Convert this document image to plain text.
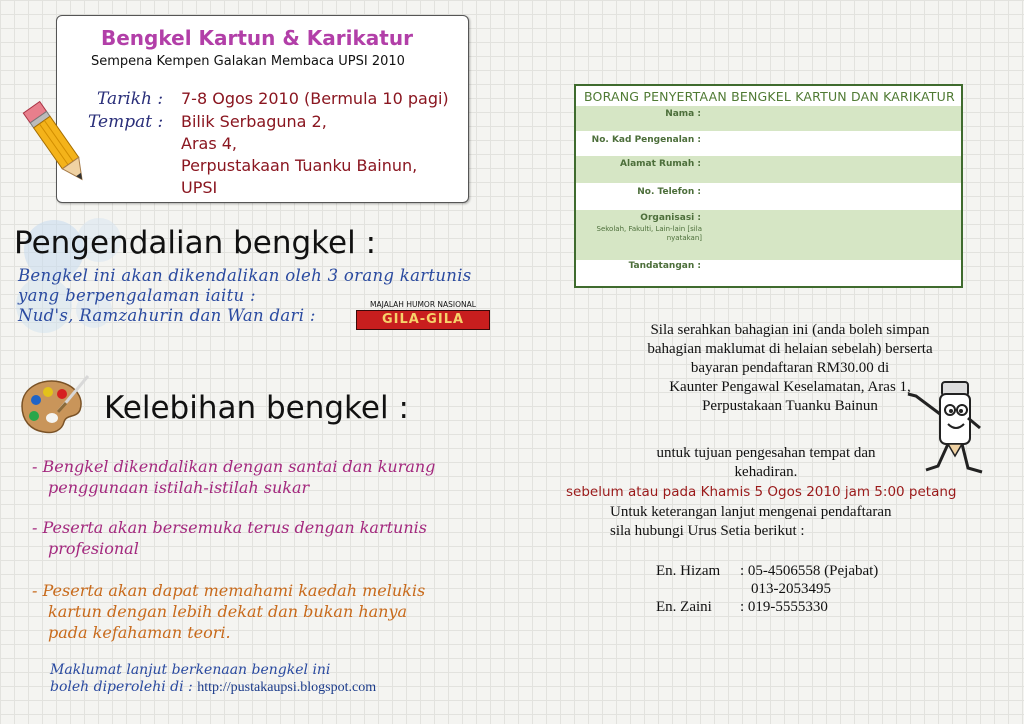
Bengkel Kartun & Karikatur
Sempena Kempen Galakan Membaca UPSI 2010
Tarikh : 7-8 Ogos 2010 (Bermula 10 pagi)
Tempat : Bilik Serbaguna 2,
Aras 4,
Perpustakaan Tuanku Bainun,
UPSI
Pengendalian bengkel :
Bengkel ini akan dikendalikan oleh 3 orang kartunis
yang berpengalaman iaitu :
Nud's, Ramzahurin dan Wan dari :
MAJALAH HUMOR NASIONAL
GILA-GILA
Kelebihan bengkel :
- Bengkel dikendalikan dengan santai dan kurang
penggunaan istilah-istilah sukar
- Peserta akan bersemuka terus dengan kartunis
profesional
- Peserta akan dapat memahami kaedah melukis
kartun dengan lebih dekat dan bukan hanya
pada kefahaman teori.
Maklumat lanjut berkenaan bengkel ini
boleh diperolehi di : http://pustakaupsi.blogspot.com
BORANG PENYERTAAN BENGKEL KARTUN DAN KARIKATUR
Nama :
No. Kad Pengenalan :
Alamat Rumah :
No. Telefon :
Organisasi :
Sekolah, Fakulti, Lain-lain [sila
nyatakan]
Tandatangan :
Sila serahkan bahagian ini (anda boleh simpan
bahagian maklumat di helaian sebelah) berserta
bayaran pendaftaran RM30.00 di
Kaunter Pengawal Keselamatan, Aras 1,
Perpustakaan Tuanku Bainun
untuk tujuan pengesahan tempat dan
kehadiran.
sebelum atau pada Khamis 5 Ogos 2010 jam 5:00 petang
Untuk keterangan lanjut mengenai pendaftaran
sila hubungi Urus Setia berikut :
En. Hizam : 05-4506558 (Pejabat)
013-2053495
En. Zaini : 019-5555330
